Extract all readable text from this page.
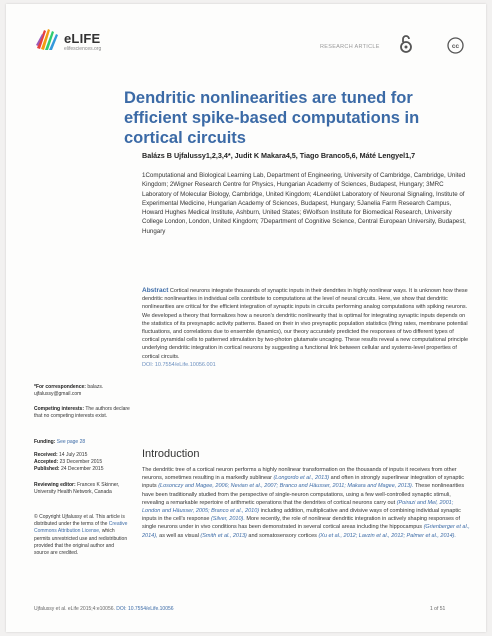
eLIFE
elifesciences.org	RESEARCH ARTICLE	cc
Dendritic nonlinearities are tuned for efficient spike-based computations in cortical circuits
Balázs B Ujfalussy1,2,3,4*, Judit K Makara4,5, Tiago Branco5,6, Máté Lengyel1,7
1Computational and Biological Learning Lab, Department of Engineering, University of Cambridge, Cambridge, United Kingdom; 2Wigner Research Centre for Physics, Hungarian Academy of Sciences, Budapest, Hungary; 3MRC Laboratory of Molecular Biology, Cambridge, United Kingdom; 4Lendület Laboratory of Neuronal Signaling, Institute of Experimental Medicine, Hungarian Academy of Sciences, Budapest, Hungary; 5Janelia Farm Research Campus, Howard Hughes Medical Institute, Ashburn, United States; 6Wolfson Institute for Biomedical Research, University College London, London, United Kingdom; 7Department of Cognitive Science, Central European University, Budapest, Hungary
Abstract Cortical neurons integrate thousands of synaptic inputs in their dendrites in highly nonlinear ways. It is unknown how these dendritic nonlinearities in individual cells contribute to computations at the level of neural circuits. Here, we show that dendritic nonlinearities are critical for the efficient integration of synaptic inputs in circuits performing analog computations with spiking neurons. We developed a theory that formalizes how a neuron's dendritic nonlinearity that is optimal for integrating synaptic inputs depends on the statistics of its presynaptic activity patterns. Based on their in vivo preynaptic population statistics (firing rates, membrane potential fluctuations, and correlations due to ensemble dynamics), our theory accurately predicted the responses of two different types of cortical pyramidal cells to patterned stimulation by two-photon glutamate uncaging. These results reveal a new computational principle underlying dendritic integration in cortical neurons by suggesting a functional link between cellular and systems-level properties of cortical circuits.
DOI: 10.7554/eLife.10056.001
*For correspondence: balazs. ujfalussy@gmail.com
Competing interests: The authors declare that no competing interests exist.
Funding: See page 28
Received: 14 July 2015
Accepted: 23 December 2015
Published: 24 December 2015
Reviewing editor: Frances K Skinner, University Health Network, Canada
© Copyright Ujfalussy et al. This article is distributed under the terms of the Creative Commons Attribution License, which permits unrestricted use and redistribution provided that the original author and source are credited.
Introduction
The dendritic tree of a cortical neuron performs a highly nonlinear transformation on the thousands of inputs it receives from other neurons, sometimes resulting in a markedly sublinear (Longordo et al., 2013) and often in strongly superlinear integration of synaptic inputs (Losonczy and Magee, 2006; Nevian et al., 2007; Branco and Häusser, 2011; Makara and Magee, 2013). These nonlinearities have been traditionally studied from the perspective of single-neuron computations, using a few well-controlled synaptic stimuli, revealing a remarkable repertoire of arithmetic operations that the dendrites of cortical neurons carry out (Poirazi and Mel, 2001; London and Häusser, 2005; Branco et al., 2010) including addition, multiplicative and divisive ways of combining individual synaptic inputs in the cell's response (Silver, 2010). More recently, the role of nonlinear dendritic integration in actively shaping responses of single neurons under in vivo conditions has been demonstrated in several cortical areas including the hippocampus (Grienberger et al., 2014), as well as visual (Smith et al., 2013) and somatosensory cortices (Xu et al., 2012; Lavzin et al., 2012; Palmer et al., 2014).
Ujfalussy et al. eLife 2015;4:e10056. DOI: 10.7554/eLife.10056	1 of 51
